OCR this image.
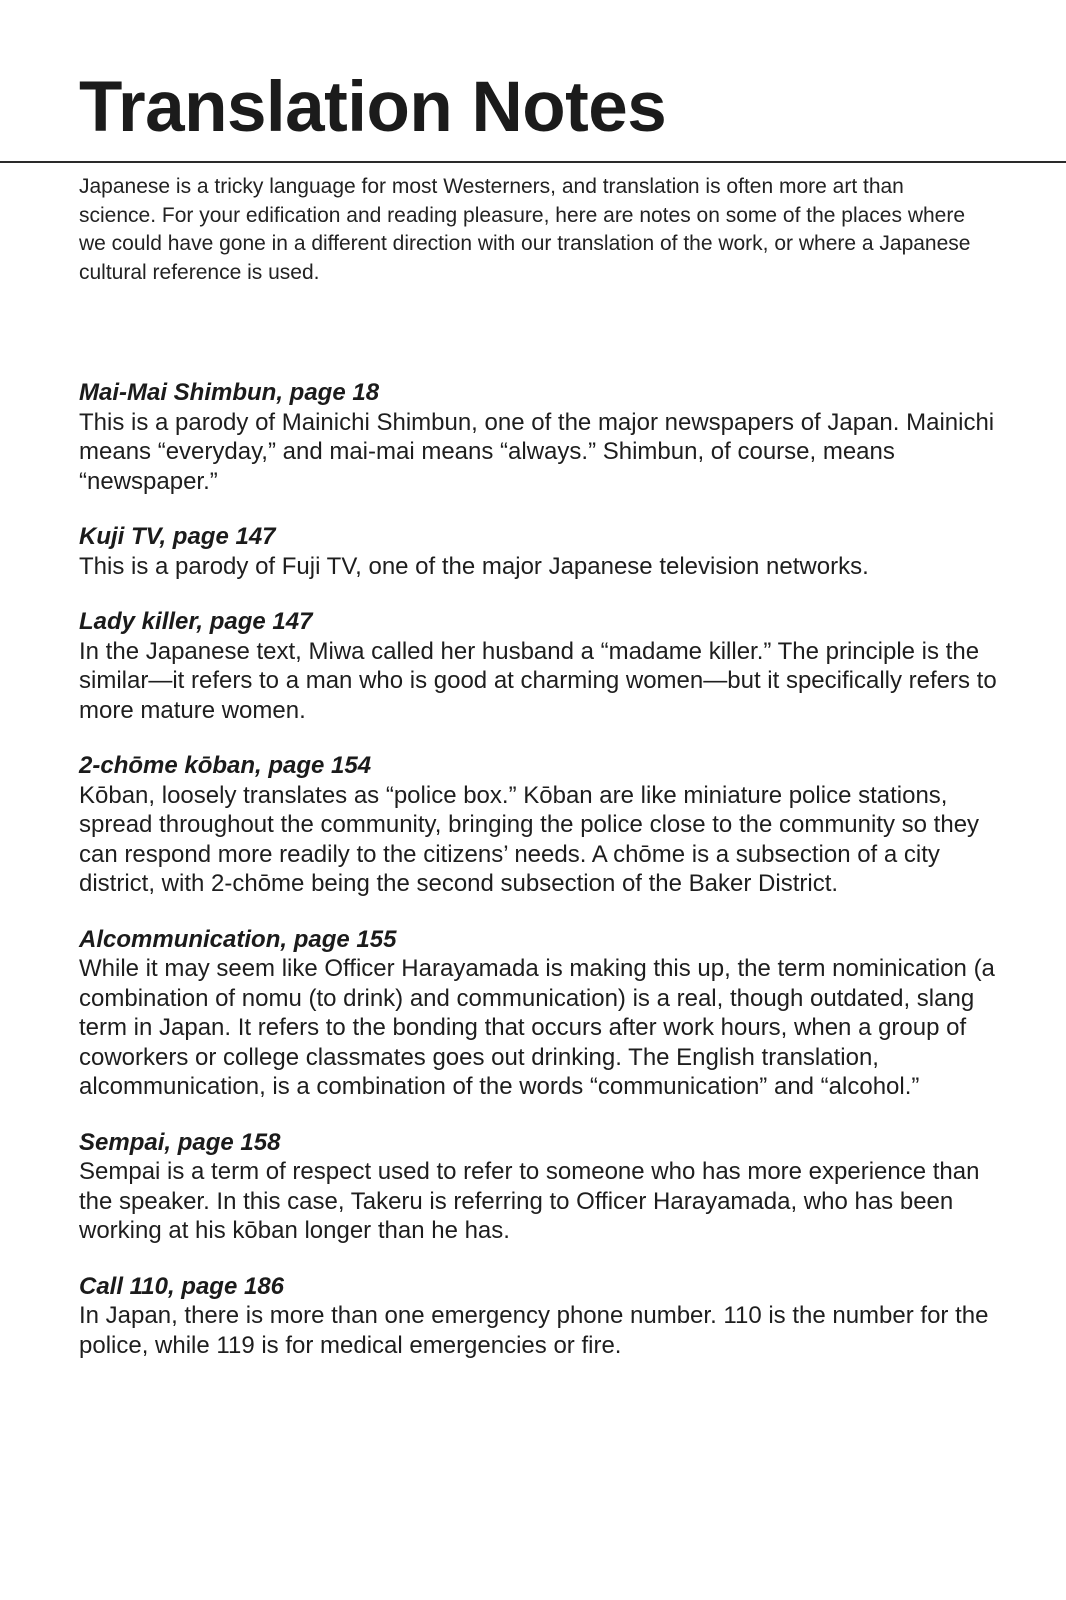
Translation Notes

Japanese is a tricky language for most Westerners, and translation is often more art than science. For your edification and reading pleasure, here are notes on some of the places where we could have gone in a different direction with our translation of the work, or where a Japanese cultural reference is used.

Mai-Mai Shimbun, page 18

This is a parody of Mainichi Shimbun, one of the major newspapers of Japan. Mainichi means “everyday,” and mai-mai means “always.” Shimbun, of course, means “newspaper.”

Kuji TV, page 147

This is a parody of Fuji TV, one of the major Japanese television networks.

Lady killer, page 147

In the Japanese text, Miwa called her husband a “madame killer.” The principle is the similar—it refers to a man who is good at charming women—but it specifically refers to more mature women.

2-chōme kōban, page 154

Kōban, loosely translates as “police box.” Kōban are like miniature police stations, spread throughout the community, bringing the police close to the community so they can respond more readily to the citizens’ needs. A chōme is a subsection of a city district, with 2-chōme being the second subsection of the Baker District.

Alcommunication, page 155

While it may seem like Officer Harayamada is making this up, the term nominication (a combination of nomu (to drink) and communication) is a real, though outdated, slang term in Japan. It refers to the bonding that occurs after work hours, when a group of coworkers or college classmates goes out drinking. The English translation, alcommunication, is a combination of the words “communication” and “alcohol.”

Sempai, page 158

Sempai is a term of respect used to refer to someone who has more experience than the speaker. In this case, Takeru is referring to Officer Harayamada, who has been working at his kōban longer than he has.

Call 110, page 186

In Japan, there is more than one emergency phone number. 110 is the number for the police, while 119 is for medical emergencies or fire.
